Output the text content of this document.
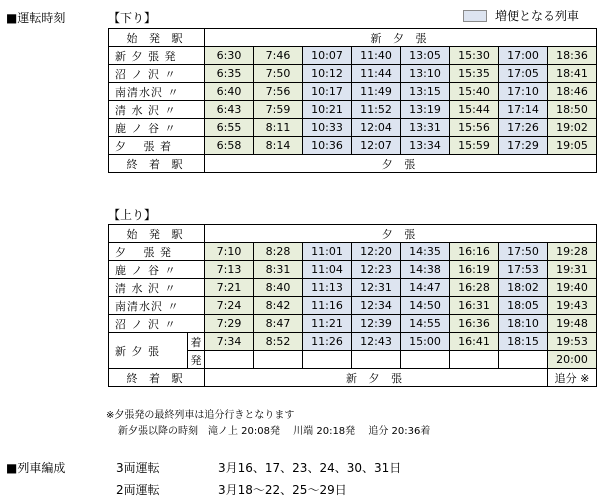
■運転時刻	【下り】	増便となる列車
始 発 駅	新 夕 張							
新 夕 張 発	6:30	7:46	10:07	11:40	13:05	15:30	17:00	18:36
沼 ノ 沢 〃	6:35	7:50	10:12	11:44	13:10	15:35	17:05	18:41
南清水沢 〃	6:40	7:56	10:17	11:49	13:15	15:40	17:10	18:46
清 水 沢 〃	6:43	7:59	10:21	11:52	13:19	15:44	17:14	18:50
鹿 ノ 谷 〃	6:55	8:11	10:33	12:04	13:31	15:56	17:26	19:02
夕　 張 着	6:58	8:14	10:36	12:07	13:34	15:59	17:29	19:05
終 着 駅	夕 張							
【上り】
始 発 駅		夕 張							
夕　 張 発		7:10	8:28	11:01	12:20	14:35	16:16	17:50	19:28
鹿 ノ 谷 〃		7:13	8:31	11:04	12:23	14:38	16:19	17:53	19:31
清 水 沢 〃		7:21	8:40	11:13	12:31	14:47	16:28	18:02	19:40
南清水沢 〃		7:24	8:42	11:16	12:34	14:50	16:31	18:05	19:43
沼 ノ 沢 〃		7:29	8:47	11:21	12:39	14:55	16:36	18:10	19:48
新 夕 張	着	7:34	8:52	11:26	12:43	15:00	16:41	18:15	19:53
	発								20:00
終 着 駅		新 夕 張							追分 ※
※夕張発の最終列車は追分行きとなります
新夕張以降の時刻　滝ノ上 20:08発　 川端 20:18発　 追分 20:36着
■列車編成	3両運転	3月16、17、23、24、30、31日
2両運転	3月18〜22、25〜29日
